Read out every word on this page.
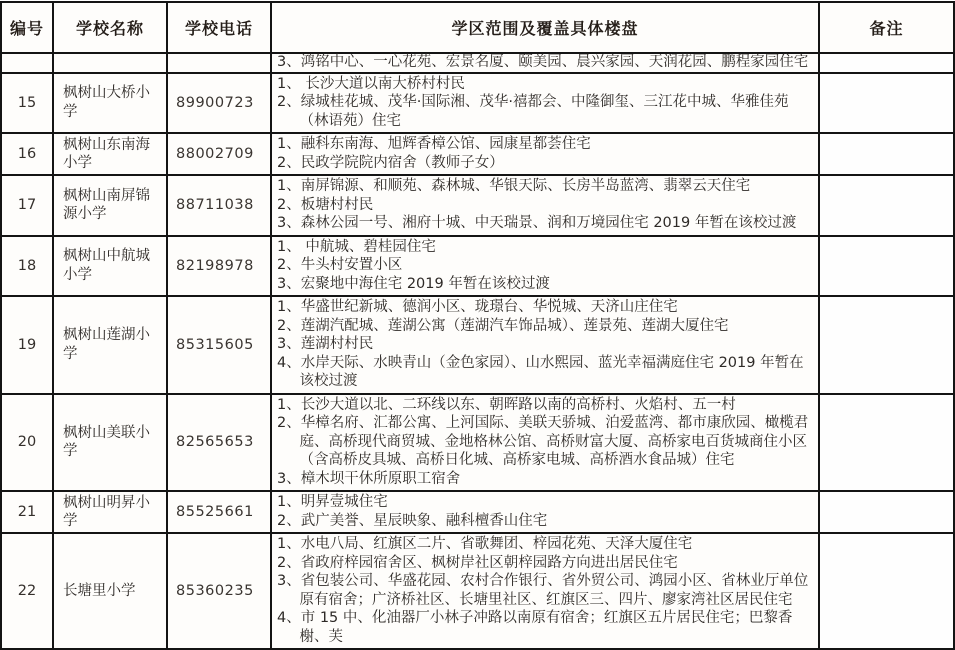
编号	学校名称	学校电话	学区范围及覆盖具体楼盘	备注

			3、鸿铭中心、一心花苑、宏景名厦、颐美园、晨兴家园、天润花园、鹏程家园住宅	

15	枫树山大桥小学	89900723	1、 长沙大道以南大桥村村民
2、绿城桂花城、茂华·国际湘、茂华·禧都会、中隆御玺、三江花中城、华雅佳苑（林语苑）住宅	

16	枫树山东南海小学	88002709	1、融科东南海、旭辉香樟公馆、园康星都荟住宅
2、民政学院院内宿舍（教师子女）	

17	枫树山南屏锦源小学	88711038	1、南屏锦源、和顺苑、森林城、华银天际、长房半岛蓝湾、翡翠云天住宅
2、板塘村村民
3、森林公园一号、湘府十城、中天瑞景、润和万境园住宅 2019 年暂在该校过渡	

18	枫树山中航城小学	82198978	1、 中航城、碧桂园住宅
2、牛头村安置小区
3、宏聚地中海住宅 2019 年暂在该校过渡	

19	枫树山莲湖小学	85315605	1、华盛世纪新城、德润小区、珑璟台、华悦城、天济山庄住宅
2、莲湖汽配城、莲湖公寓（莲湖汽车饰品城）、莲景苑、莲湖大厦住宅
3、莲湖村村民
4、水岸天际、水映青山（金色家园）、山水熙园、蓝光幸福满庭住宅 2019 年暂在该校过渡	

20	枫树山美联小学	82565653	1、长沙大道以北、二环线以东、朝晖路以南的高桥村、火焰村、五一村
2、华樟名府、汇都公寓、上河国际、美联天骄城、泊爱蓝湾、都市康欣园、橄榄君庭、高桥现代商贸城、金地格林公馆、高桥财富大厦、高桥家电百货城商住小区（含高桥皮具城、高桥日化城、高桥家电城、高桥酒水食品城）住宅
3、樟木坝干休所原职工宿舍	

21	枫树山明昇小学	85525661	1、明昇壹城住宅
2、武广美誉、星辰映象、融科檀香山住宅	

22	长塘里小学	85360235	1、水电八局、红旗区二片、省歌舞团、梓园花苑、天泽大厦住宅
2、省政府梓园宿舍区、枫树岸社区朝梓园路方向进出居民住宅
3、省包装公司、华盛花园、农村合作银行、省外贸公司、鸿园小区、省林业厅单位原有宿舍；广济桥社区、长塘里社区、红旗区三、四片、廖家湾社区居民住宅
4、市 15 中、化油器厂小林子冲路以南原有宿舍；红旗区五片居民住宅；巴黎香榭、芙	
